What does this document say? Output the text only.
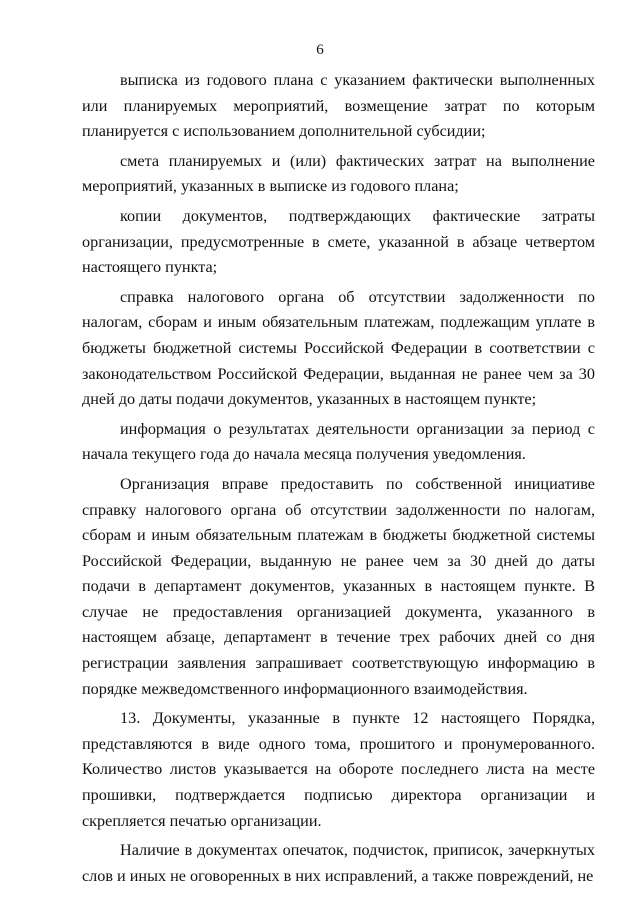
6

выписка из годового плана с указанием фактически выполненных или планируемых мероприятий, возмещение затрат по которым планируется с использованием дополнительной субсидии;

смета планируемых и (или) фактических затрат на выполнение мероприятий, указанных в выписке из годового плана;

копии документов, подтверждающих фактические затраты организации, предусмотренные в смете, указанной в абзаце четвертом настоящего пункта;

справка налогового органа об отсутствии задолженности по налогам, сборам и иным обязательным платежам, подлежащим уплате в бюджеты бюджетной системы Российской Федерации в соответствии с законодательством Российской Федерации, выданная не ранее чем за 30 дней до даты подачи документов, указанных в настоящем пункте;

информация о результатах деятельности организации за период с начала текущего года до начала месяца получения уведомления.

Организация вправе предоставить по собственной инициативе справку налогового органа об отсутствии задолженности по налогам, сборам и иным обязательным платежам в бюджеты бюджетной системы Российской Федерации, выданную не ранее чем за 30 дней до даты подачи в департамент документов, указанных в настоящем пункте. В случае не предоставления организацией документа, указанного в настоящем абзаце, департамент в течение трех рабочих дней со дня регистрации заявления запрашивает соответствующую информацию в порядке межведомственного информационного взаимодействия.

13. Документы, указанные в пункте 12 настоящего Порядка, представляются в виде одного тома, прошитого и пронумерованного. Количество листов указывается на обороте последнего листа на месте прошивки, подтверждается подписью директора организации и скрепляется печатью организации.

Наличие в документах опечаток, подчисток, приписок, зачеркнутых слов и иных не оговоренных в них исправлений, а также повреждений, не
